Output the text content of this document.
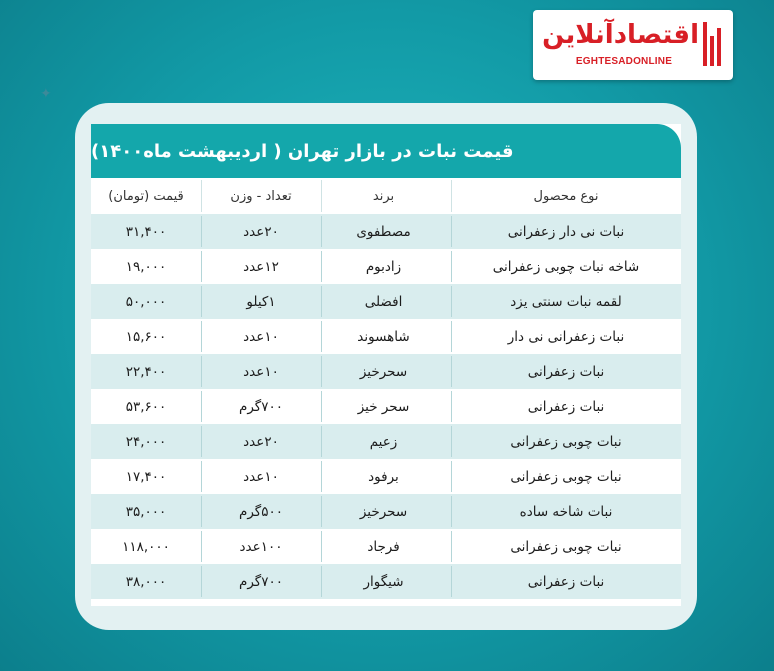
اقتصادآنلاین
EGHTESADONLINE
✦
قیمت نبات در بازار تهران ( اردیبهشت ماه۱۴۰۰)
نوع محصول
برند
تعداد - وزن
قیمت (تومان)
نبات نی دار زعفرانی
مصطفوی
۲۰عدد
۳۱,۴۰۰
شاخه نبات چوبی زعفرانی
زادبوم
۱۲عدد
۱۹,۰۰۰
لقمه نبات سنتی یزد
افضلی
۱کیلو
۵۰,۰۰۰
نبات زعفرانی نی دار
شاهسوند
۱۰عدد
۱۵,۶۰۰
نبات زعفرانی
سحرخیز
۱۰عدد
۲۲,۴۰۰
نبات زعفرانی
سحر خیز
۷۰۰گرم
۵۳,۶۰۰
نبات چوبی زعفرانی
زعیم
۲۰عدد
۲۴,۰۰۰
نبات چوبی زعفرانی
برفود
۱۰عدد
۱۷,۴۰۰
نبات شاخه ساده
سحرخیز
۵۰۰گرم
۳۵,۰۰۰
نبات چوبی زعفرانی
فرجاد
۱۰۰عدد
۱۱۸,۰۰۰
نبات زعفرانی
شیگوار
۷۰۰گرم
۳۸,۰۰۰
